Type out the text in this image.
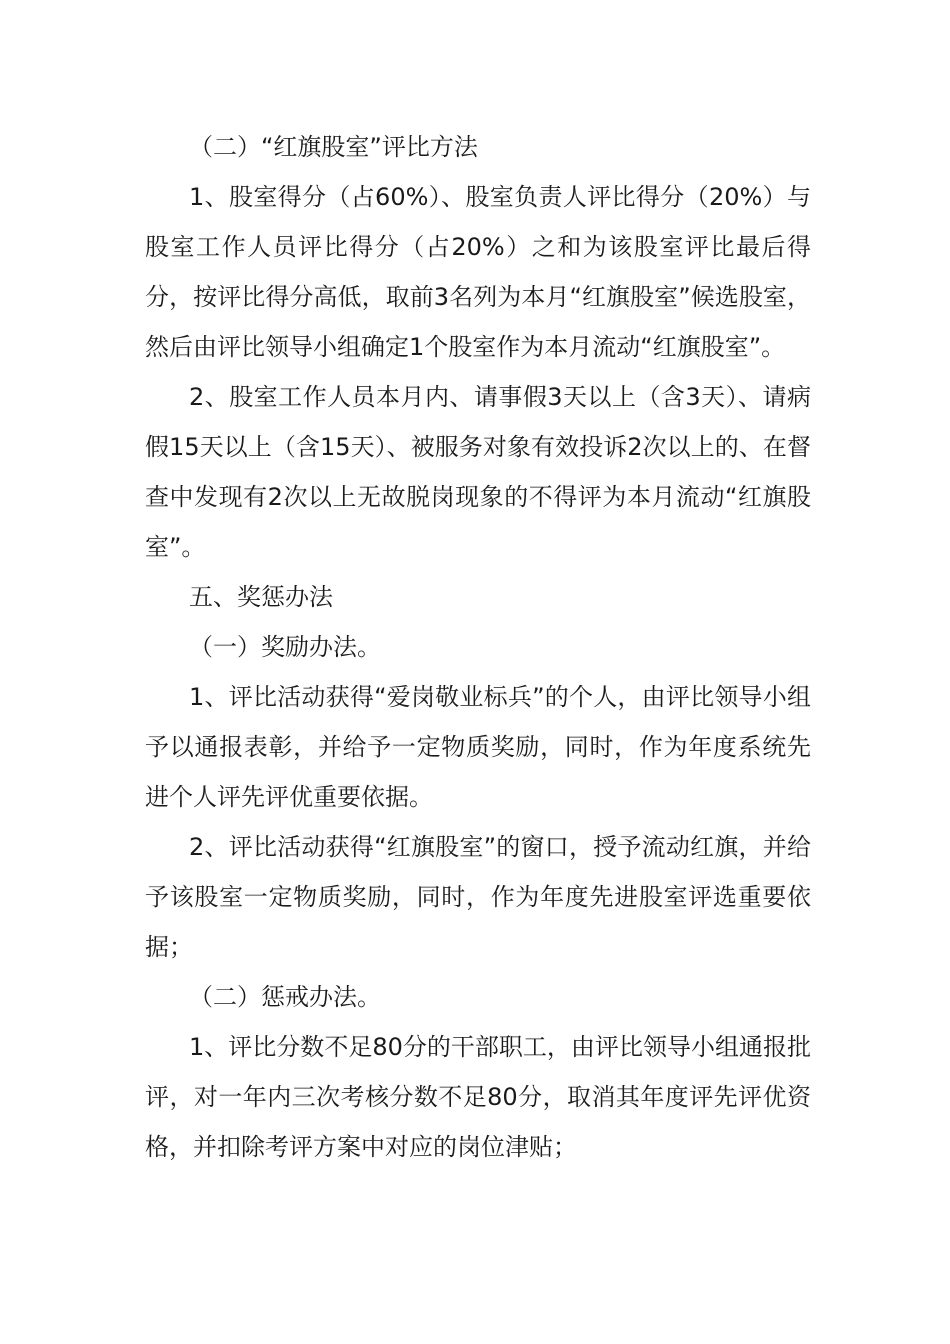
（二）“红旗股室”评比方法

1、股室得分（占60%）、股室负责人评比得分（20%）与股室工作人员评比得分（占20%）之和为该股室评比最后得分，按评比得分高低，取前3名列为本月“红旗股室”候选股室，然后由评比领导小组确定1个股室作为本月流动“红旗股室”。

2、股室工作人员本月内、请事假3天以上（含3天）、请病假15天以上（含15天）、被服务对象有效投诉2次以上的、在督查中发现有2次以上无故脱岗现象的不得评为本月流动“红旗股室”。

五、奖惩办法

（一）奖励办法。

1、评比活动获得“爱岗敬业标兵”的个人，由评比领导小组予以通报表彰，并给予一定物质奖励，同时，作为年度系统先进个人评先评优重要依据。

2、评比活动获得“红旗股室”的窗口，授予流动红旗，并给予该股室一定物质奖励，同时，作为年度先进股室评选重要依据；

（二）惩戒办法。

1、评比分数不足80分的干部职工，由评比领导小组通报批评，对一年内三次考核分数不足80分，取消其年度评先评优资格，并扣除考评方案中对应的岗位津贴；
